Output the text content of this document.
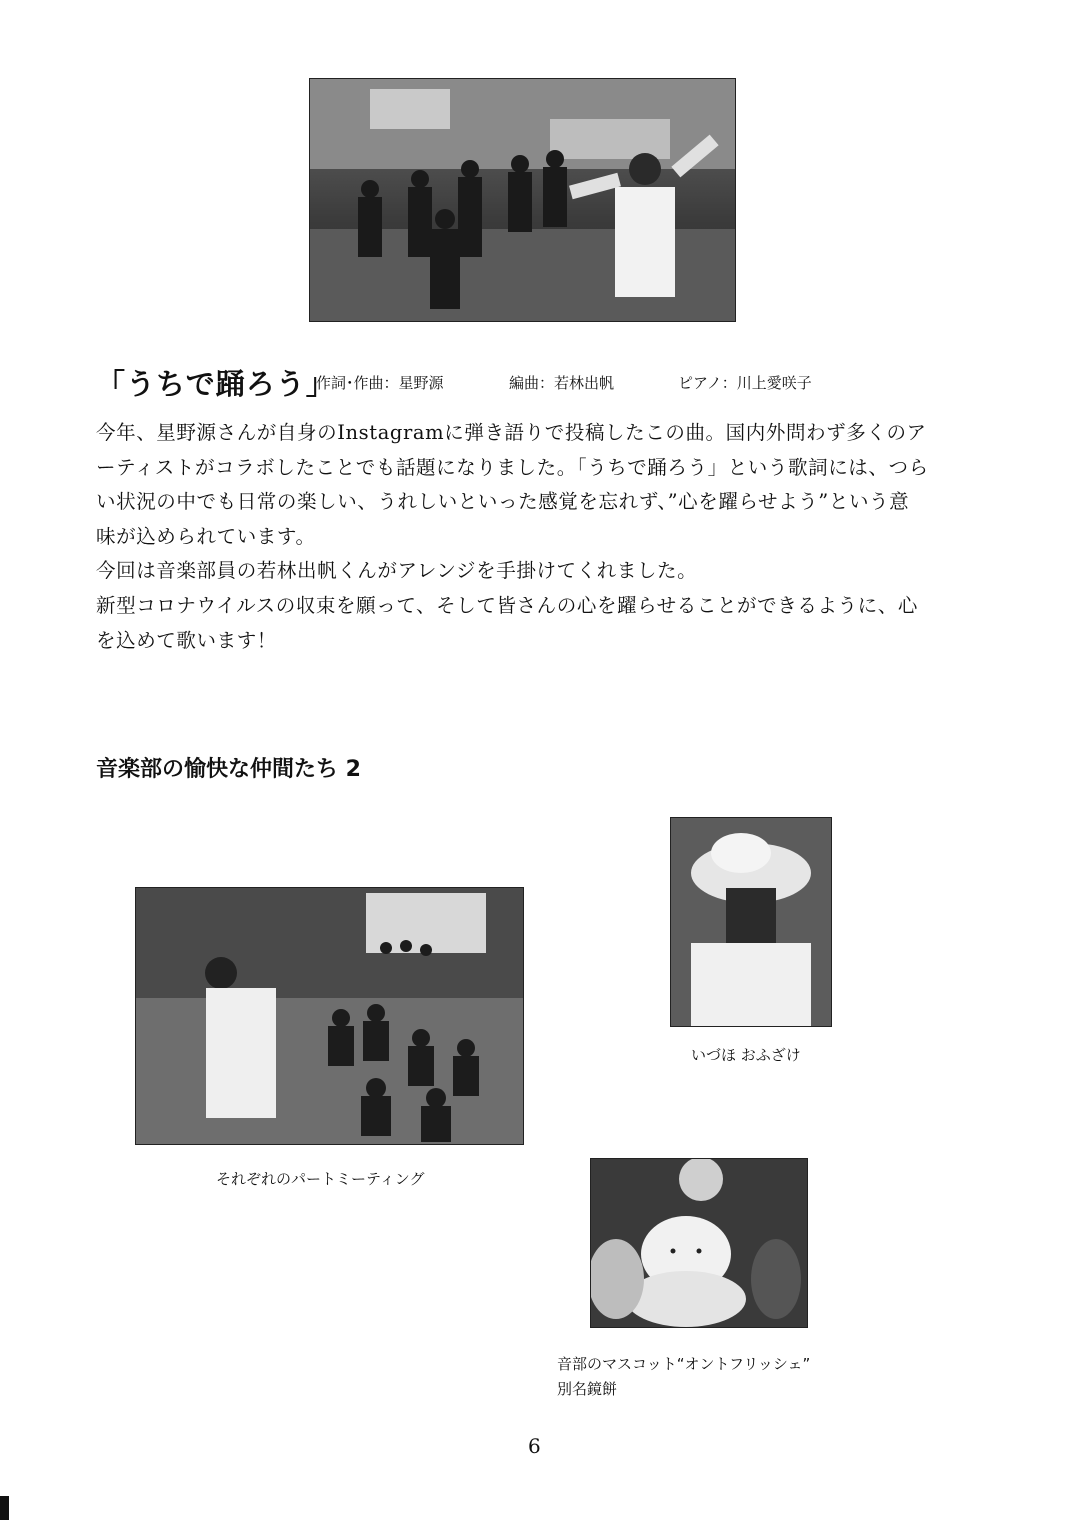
「うちで踊ろう」
作詞･作曲：星野源	編曲：若林出帆	ピアノ：川上愛咲子

今年、星野源さんが自身のInstagramに弾き語りで投稿したこの曲。国内外問わず多くのア

ーティストがコラボしたことでも話題になりました。「うちで踊ろう」という歌詞には、つら

い状況の中でも日常の楽しい、うれしいといった感覚を忘れず、”心を躍らせよう”という意

味が込められています。

今回は音楽部員の若林出帆くんがアレンジを手掛けてくれました。

新型コロナウイルスの収束を願って、そして皆さんの心を躍らせることができるように、心

を込めて歌います！

音楽部の愉快な仲間たち 2
それぞれのパートミーティング
いづほ おふざけ
音部のマスコット“オントフリッシェ”
別名鏡餅
6
